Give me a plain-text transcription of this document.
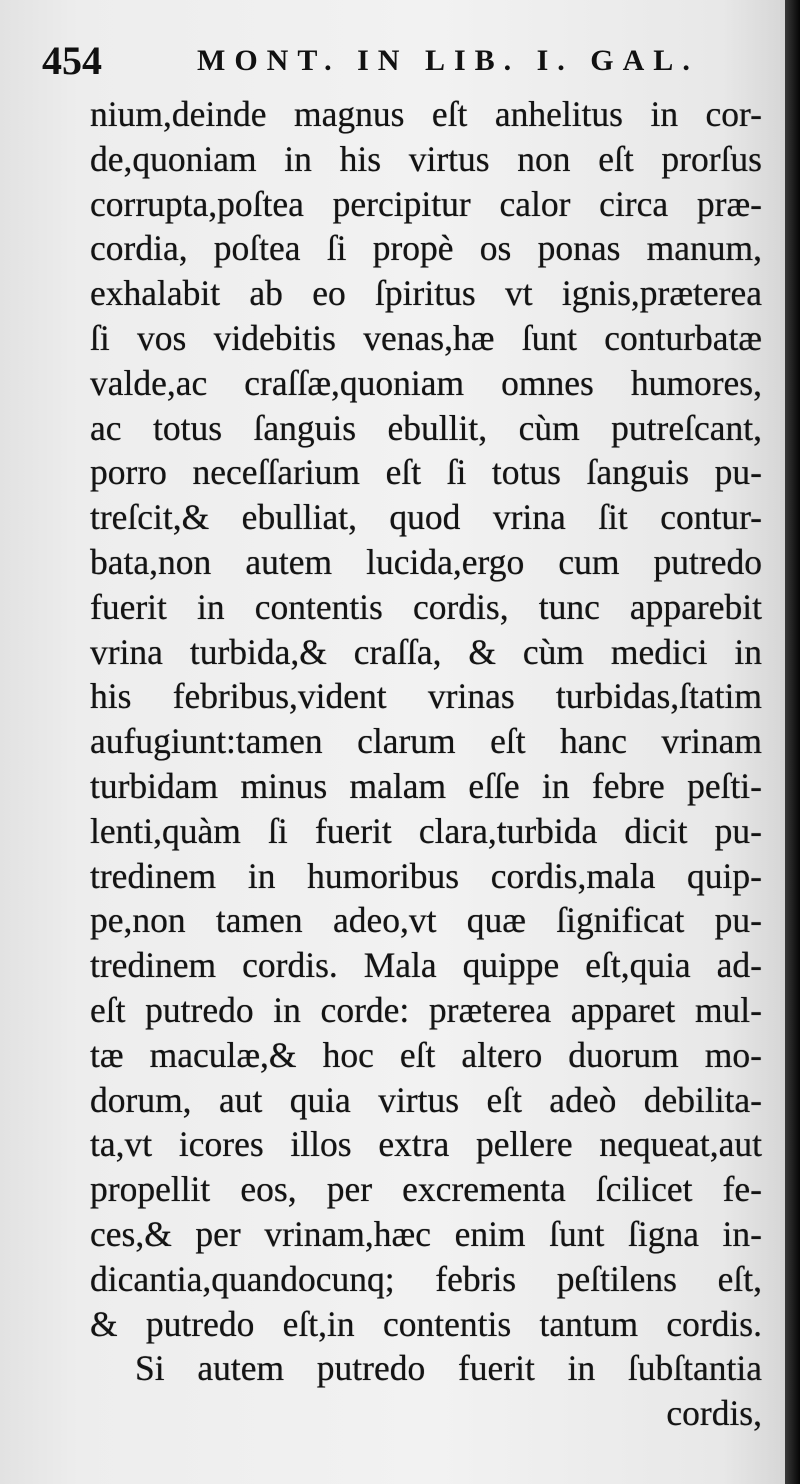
454	MONT. IN LIB. I. GAL.
nium,deinde magnus eſt anhelitus in cor-
de,quoniam in his virtus non eſt prorſus
corrupta,poſtea percipitur calor circa præ-
cordia, poſtea ſi propè os ponas manum,
exhalabit ab eo ſpiritus vt ignis,præterea
ſi vos videbitis venas,hæ ſunt conturbatæ
valde,ac craſſæ,quoniam omnes humores,
ac totus ſanguis ebullit, cùm putreſcant,
porro neceſſarium eſt ſi totus ſanguis pu-
treſcit,& ebulliat, quod vrina ſit contur-
bata,non autem lucida,ergo cum putredo
fuerit in contentis cordis, tunc apparebit
vrina turbida,& craſſa, & cùm medici in
his febribus,vident vrinas turbidas,ſtatim
aufugiunt:tamen clarum eſt hanc vrinam
turbidam minus malam eſſe in febre peſti-
lenti,quàm ſi fuerit clara,turbida dicit pu-
tredinem in humoribus cordis,mala quip-
pe,non tamen adeo,vt quæ ſignificat pu-
tredinem cordis. Mala quippe eſt,quia ad-
eſt putredo in corde: præterea apparet mul-
tæ maculæ,& hoc eſt altero duorum mo-
dorum, aut quia virtus eſt adeò debilita-
ta,vt icores illos extra pellere nequeat,aut
propellit eos, per excrementa ſcilicet fe-
ces,& per vrinam,hæc enim ſunt ſigna in-
dicantia,quandocunq; febris peſtilens eſt,
& putredo eſt,in contentis tantum cordis.
Si autem putredo fuerit in ſubſtantia
cordis,
